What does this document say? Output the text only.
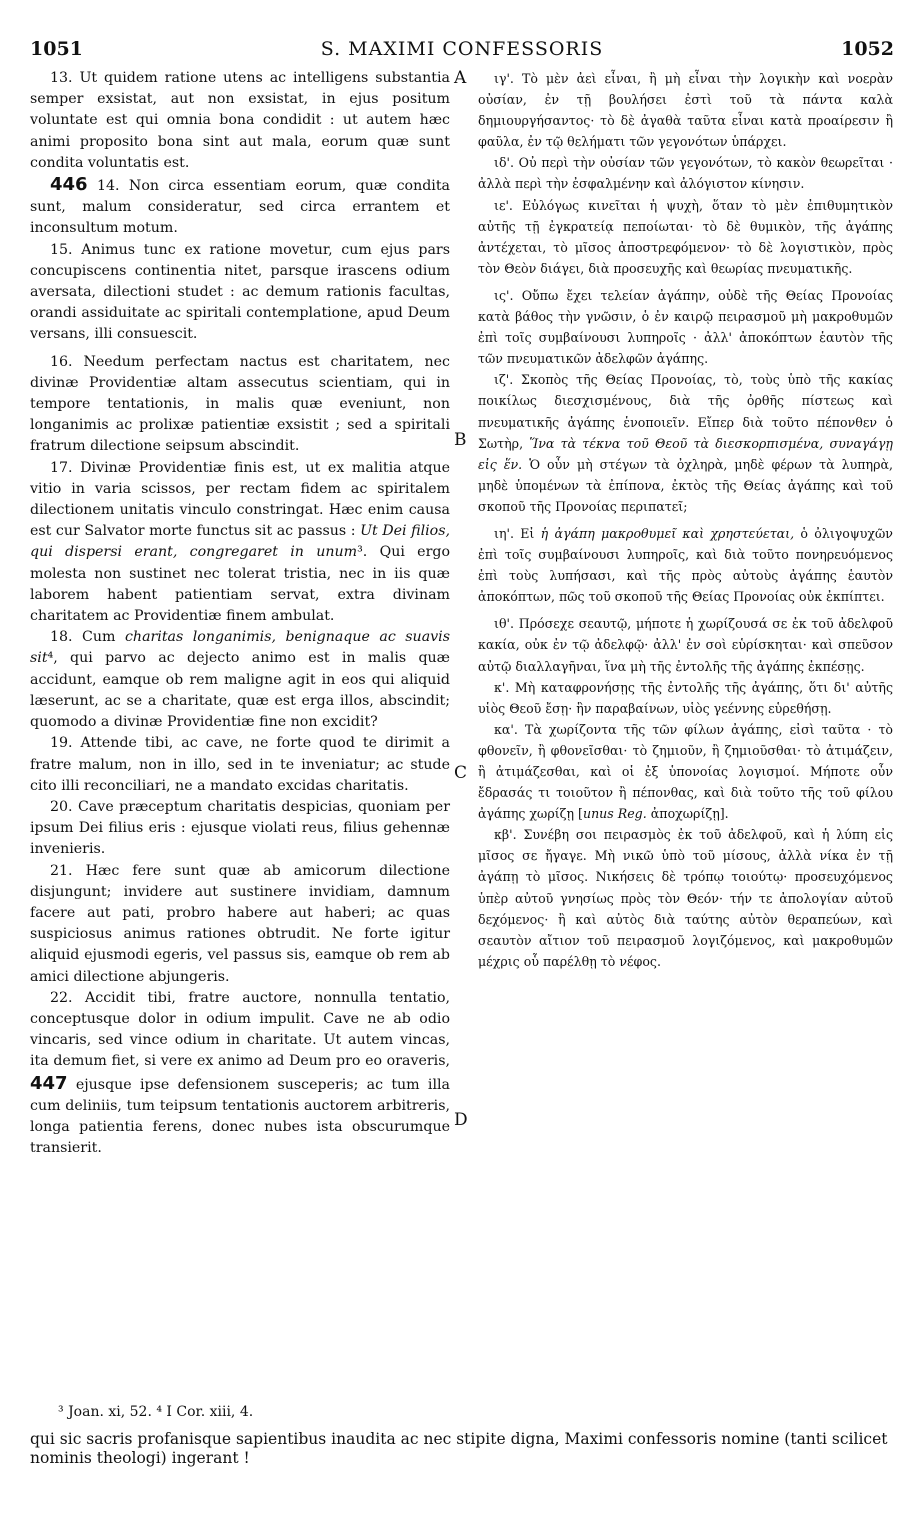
1051	S. MAXIMI CONFESSORIS	1052
A
B
C
D

13. Ut quidem ratione utens ac intelligens substantia semper exsistat, aut non exsistat, in ejus positum voluntate est qui omnia bona condidit : ut autem hæc animi proposito bona sint aut mala, eorum quæ sunt condita voluntatis est.

446 14. Non circa essentiam eorum, quæ condita sunt, malum consideratur, sed circa errantem et inconsultum motum.

15. Animus tunc ex ratione movetur, cum ejus pars concupiscens continentia nitet, parsque irascens odium aversata, dilectioni studet : ac demum rationis facultas, orandi assiduitate ac spiritali contemplatione, apud Deum versans, illi consuescit.

16. Needum perfectam nactus est charitatem, nec divinæ Providentiæ altam assecutus scientiam, qui in tempore tentationis, in malis quæ eveniunt, non longanimis ac prolixæ patientiæ exsistit ; sed a spiritali fratrum dilectione seipsum abscindit.

17. Divinæ Providentiæ finis est, ut ex malitia atque vitio in varia scissos, per rectam fidem ac spiritalem dilectionem unitatis vinculo constringat. Hæc enim causa est cur Salvator morte functus sit ac passus : Ut Dei filios, qui dispersi erant, congregaret in unum³. Qui ergo molesta non sustinet nec tolerat tristia, nec in iis quæ laborem habent patientiam servat, extra divinam charitatem ac Providentiæ finem ambulat.

18. Cum charitas longanimis, benignaque ac suavis sit⁴, qui parvo ac dejecto animo est in malis quæ accidunt, eamque ob rem maligne agit in eos qui aliquid læserunt, ac se a charitate, quæ est erga illos, abscindit; quomodo a divinæ Providentiæ fine non excidit?

19. Attende tibi, ac cave, ne forte quod te dirimit a fratre malum, non in illo, sed in te inveniatur; ac stude cito illi reconciliari, ne a mandato excidas charitatis.

20. Cave præceptum charitatis despicias, quoniam per ipsum Dei filius eris : ejusque violati reus, filius gehennæ inveniеris.

21. Hæc fere sunt quæ ab amicorum dilectione disjungunt; invidere aut sustinere invidiam, damnum facere aut pati, probro habere aut haberi; ac quas suspiciosus animus rationes obtrudit. Ne forte igitur aliquid ejusmodi egeris, vel passus sis, eamque ob rem ab amici dilectione abjungeris.

22. Accidit tibi, fratre auctore, nonnulla tentatio, conceptusque dolor in odium impulit. Cave ne ab odio vincaris, sed vince odium in charitate. Ut autem vincas, ita demum fiet, si vere ex animo ad Deum pro eo oraveris, 447 ejusque ipse defensionem susceperis; ac tum illa cum deliniis, tum teipsum tentationis auctorem arbitreris, longa patientia ferens, donec nubes ista obscurumque transierit.

ιγ'. Τὸ μὲν ἀεὶ εἶναι, ἢ μὴ εἶναι τὴν λογικὴν καὶ νοερὰν οὐσίαν, ἐν τῇ βουλήσει ἐστὶ τοῦ τὰ πάντα καλὰ δημιουργήσαντος· τὸ δὲ ἀγαθὰ ταῦτα εἶναι κατὰ προαίρεσιν ἢ φαῦλα, ἐν τῷ θελήματι τῶν γεγονότων ὑπάρχει.

ιδ'. Οὐ περὶ τὴν οὐσίαν τῶν γεγονότων, τὸ κακὸν θεωρεῖται · ἀλλὰ περὶ τὴν ἐσφαλμένην καὶ ἀλόγιστον κίνησιν.

ιε'. Εὐλόγως κινεῖται ἡ ψυχὴ, ὅταν τὸ μὲν ἐπιθυμητικὸν αὐτῆς τῇ ἐγκρατείᾳ πεποίωται· τὸ δὲ θυμικὸν, τῆς ἀγάπης ἀντέχεται, τὸ μῖσος ἀποστρεφόμενον· τὸ δὲ λογιστικὸν, πρὸς τὸν Θεὸν διάγει, διὰ προσευχῆς καὶ θεωρίας πνευματικῆς.

ις'. Οὔπω ἔχει τελείαν ἀγάπην, οὐδὲ τῆς Θείας Προνοίας κατὰ βάθος τὴν γνῶσιν, ὁ ἐν καιρῷ πειρασμοῦ μὴ μακροθυμῶν ἐπὶ τοῖς συμβαίνουσι λυπηροῖς · ἀλλ' ἀποκόπτων ἑαυτὸν τῆς τῶν πνευματικῶν ἀδελφῶν ἀγάπης.

ιζ'. Σκοπὸς τῆς Θείας Προνοίας, τὸ, τοὺς ὑπὸ τῆς κακίας ποικίλως διεσχισμένους, διὰ τῆς ὀρθῆς πίστεως καὶ πνευματικῆς ἀγάπης ἑνοποιεῖν. Εἴπερ διὰ τοῦτο πέπονθεν ὁ Σωτὴρ, Ἵνα τὰ τέκνα τοῦ Θεοῦ τὰ διεσκορπισμένα, συναγάγῃ εἰς ἕν. Ὁ οὖν μὴ στέγων τὰ ὀχληρὰ, μηδὲ φέρων τὰ λυπηρὰ, μηδὲ ὑπομένων τὰ ἐπίπονα, ἐκτὸς τῆς Θείας ἀγάπης καὶ τοῦ σκοποῦ τῆς Προνοίας περιπατεῖ;

ιη'. Εἰ ἡ ἀγάπη μακροθυμεῖ καὶ χρηστεύεται, ὁ ὀλιγοψυχῶν ἐπὶ τοῖς συμβαίνουσι λυπηροῖς, καὶ διὰ τοῦτο πονηρευόμενος ἐπὶ τοὺς λυπήσασι, καὶ τῆς πρὸς αὐτοὺς ἀγάπης ἑαυτὸν ἀποκόπτων, πῶς τοῦ σκοποῦ τῆς Θείας Προνοίας οὐκ ἐκπίπτει.

ιθ'. Πρόσεχε σεαυτῷ, μήποτε ἡ χωρίζουσά σε ἐκ τοῦ ἀδελφοῦ κακία, οὐκ ἐν τῷ ἀδελφῷ· ἀλλ' ἐν σοὶ εὑρίσκηται· καὶ σπεῦσον αὐτῷ διαλλαγῆναι, ἵνα μὴ τῆς ἐντολῆς τῆς ἀγάπης ἐκπέσῃς.

κ'. Μὴ καταφρονήσῃς τῆς ἐντολῆς τῆς ἀγάπης, ὅτι δι' αὐτῆς υἱὸς Θεοῦ ἔσῃ· ἣν παραβαίνων, υἱὸς γεέννης εὑρεθήσῃ.

κα'. Τὰ χωρίζοντα τῆς τῶν φίλων ἀγάπης, εἰσὶ ταῦτα · τὸ φθονεῖν, ἢ φθονεῖσθαι· τὸ ζημιοῦν, ἢ ζημιοῦσθαι· τὸ ἀτιμάζειν, ἢ ἀτιμάζεσθαι, καὶ οἱ ἐξ ὑπονοίας λογισμοί. Μήποτε οὖν ἔδρασάς τι τοιοῦτον ἢ πέπονθας, καὶ διὰ τοῦτο τῆς τοῦ φίλου ἀγάπης χωρίζῃ [unus Reg. ἀποχωρίζῃ].

κβ'. Συνέβη σοι πειρασμὸς ἐκ τοῦ ἀδελφοῦ, καὶ ἡ λύπη εἰς μῖσος σε ἤγαγε. Μὴ νικῶ ὑπὸ τοῦ μίσους, ἀλλὰ νίκα ἐν τῇ ἀγάπῃ τὸ μῖσος. Νικήσεις δὲ τρόπῳ τοιούτῳ· προσευχόμενος ὑπὲρ αὐτοῦ γνησίως πρὸς τὸν Θεόν· τήν τε ἀπολογίαν αὐτοῦ δεχόμενος· ἢ καὶ αὐτὸς διὰ ταύτης αὐτὸν θεραπεύων, καὶ σεαυτὸν αἴτιον τοῦ πειρασμοῦ λογιζόμενος, καὶ μακροθυμῶν μέχρις οὗ παρέλθῃ τὸ νέφος.

³ Joan. xi, 52. ⁴ I Cor. xiii, 4.
qui sic sacris profanisque sapientibus inaudita ac nec stipite digna, Maximi confessoris nomine (tanti scilicet nominis theologi) ingerant !
